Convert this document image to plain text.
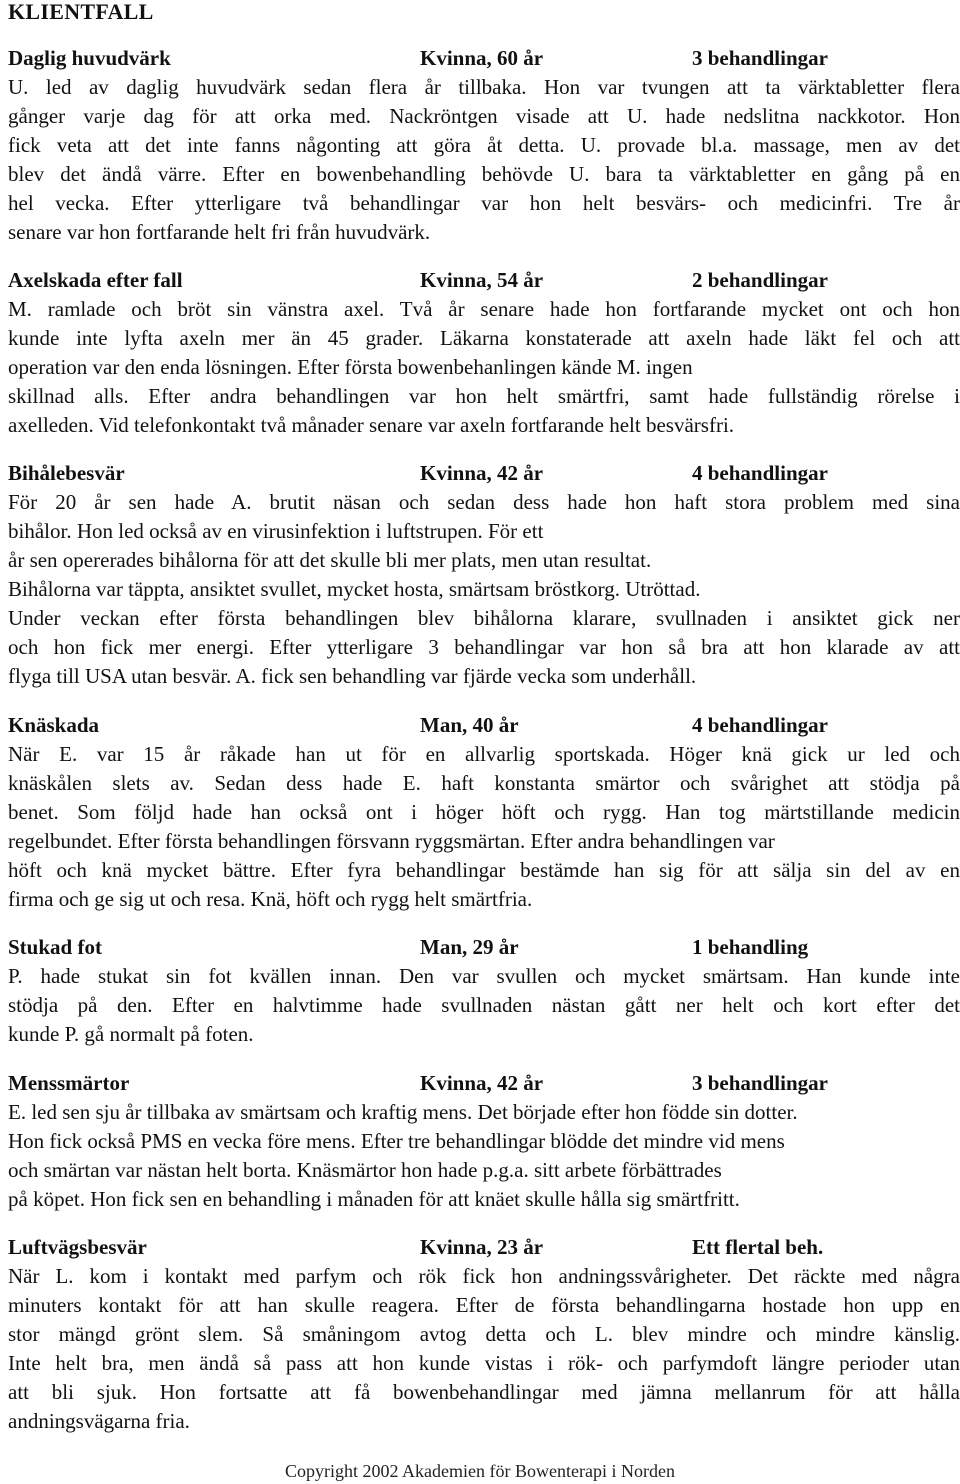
KLIENTFALL
Daglig huvudvärk	Kvinna, 60 år	3 behandlingar
U. led av daglig huvudvärk sedan flera år tillbaka. Hon var tvungen att ta värktabletter flera
gånger varje dag för att orka med. Nackröntgen visade att U. hade nedslitna nackkotor. Hon
fick veta att det inte fanns någonting att göra åt detta. U. provade bl.a. massage, men av det
blev det ändå värre. Efter en bowenbehandling behövde U. bara ta värktabletter en gång på en
hel vecka. Efter ytterligare två behandlingar var hon helt besvärs- och medicinfri. Tre år
senare var hon fortfarande helt fri från huvudvärk.
Axelskada efter fall	Kvinna, 54 år	2 behandlingar
M. ramlade och bröt sin vänstra axel. Två år senare hade hon fortfarande mycket ont och hon
kunde inte lyfta axeln mer än 45 grader. Läkarna konstaterade att axeln hade läkt fel och att
operation var den enda lösningen. Efter första bowenbehanlingen kände M. ingen
skillnad alls. Efter andra behandlingen var hon helt smärtfri, samt hade fullständig rörelse i
axelleden. Vid telefonkontakt två månader senare var axeln fortfarande helt besvärsfri.
Bihålebesvär	Kvinna, 42 år	4 behandlingar
För 20 år sen hade A. brutit näsan och sedan dess hade hon haft stora problem med sina
bihålor. Hon led också av en virusinfektion i luftstrupen. För ett
år sen opererades bihålorna för att det skulle bli mer plats, men utan resultat.
Bihålorna var täppta, ansiktet svullet, mycket hosta, smärtsam bröstkorg. Utröttad.
Under veckan efter första behandlingen blev bihålorna klarare, svullnaden i ansiktet gick ner
och hon fick mer energi. Efter ytterligare 3 behandlingar var hon så bra att hon klarade av att
flyga till USA utan besvär. A. fick sen behandling var fjärde vecka som underhåll.
Knäskada	Man, 40 år	4 behandlingar
När E. var 15 år råkade han ut för en allvarlig sportskada. Höger knä gick ur led och
knäskålen slets av. Sedan dess hade E. haft konstanta smärtor och svårighet att stödja på
benet. Som följd hade han också ont i höger höft och rygg. Han tog märtstillande medicin
regelbundet. Efter första behandlingen försvann ryggsmärtan. Efter andra behandlingen var
höft och knä mycket bättre. Efter fyra behandlingar bestämde han sig för att sälja sin del av en
firma och ge sig ut och resa. Knä, höft och rygg helt smärtfria.
Stukad fot	Man, 29 år	1 behandling
P. hade stukat sin fot kvällen innan. Den var svullen och mycket smärtsam. Han kunde inte
stödja på den. Efter en halvtimme hade svullnaden nästan gått ner helt och kort efter det
kunde P. gå normalt på foten.
Menssmärtor	Kvinna, 42 år	3 behandlingar
E. led sen sju år tillbaka av smärtsam och kraftig mens. Det började efter hon födde sin dotter.
Hon fick också PMS en vecka före mens. Efter tre behandlingar blödde det mindre vid mens
och smärtan var nästan helt borta. Knäsmärtor hon hade p.g.a. sitt arbete förbättrades
på köpet. Hon fick sen en behandling i månaden för att knäet skulle hålla sig smärtfritt.
Luftvägsbesvär	Kvinna, 23 år	Ett flertal beh.
När L. kom i kontakt med parfym och rök fick hon andningssvårigheter. Det räckte med några
minuters kontakt för att han skulle reagera. Efter de första behandlingarna hostade hon upp en
stor mängd grönt slem. Så småningom avtog detta och L. blev mindre och mindre känslig.
Inte helt bra, men ändå så pass att hon kunde vistas i rök- och parfymdoft längre perioder utan
att bli sjuk. Hon fortsatte att få bowenbehandlingar med jämna mellanrum för att hålla
andningsvägarna fria.
Copyright 2002 Akademien för Bowenterapi i Norden
